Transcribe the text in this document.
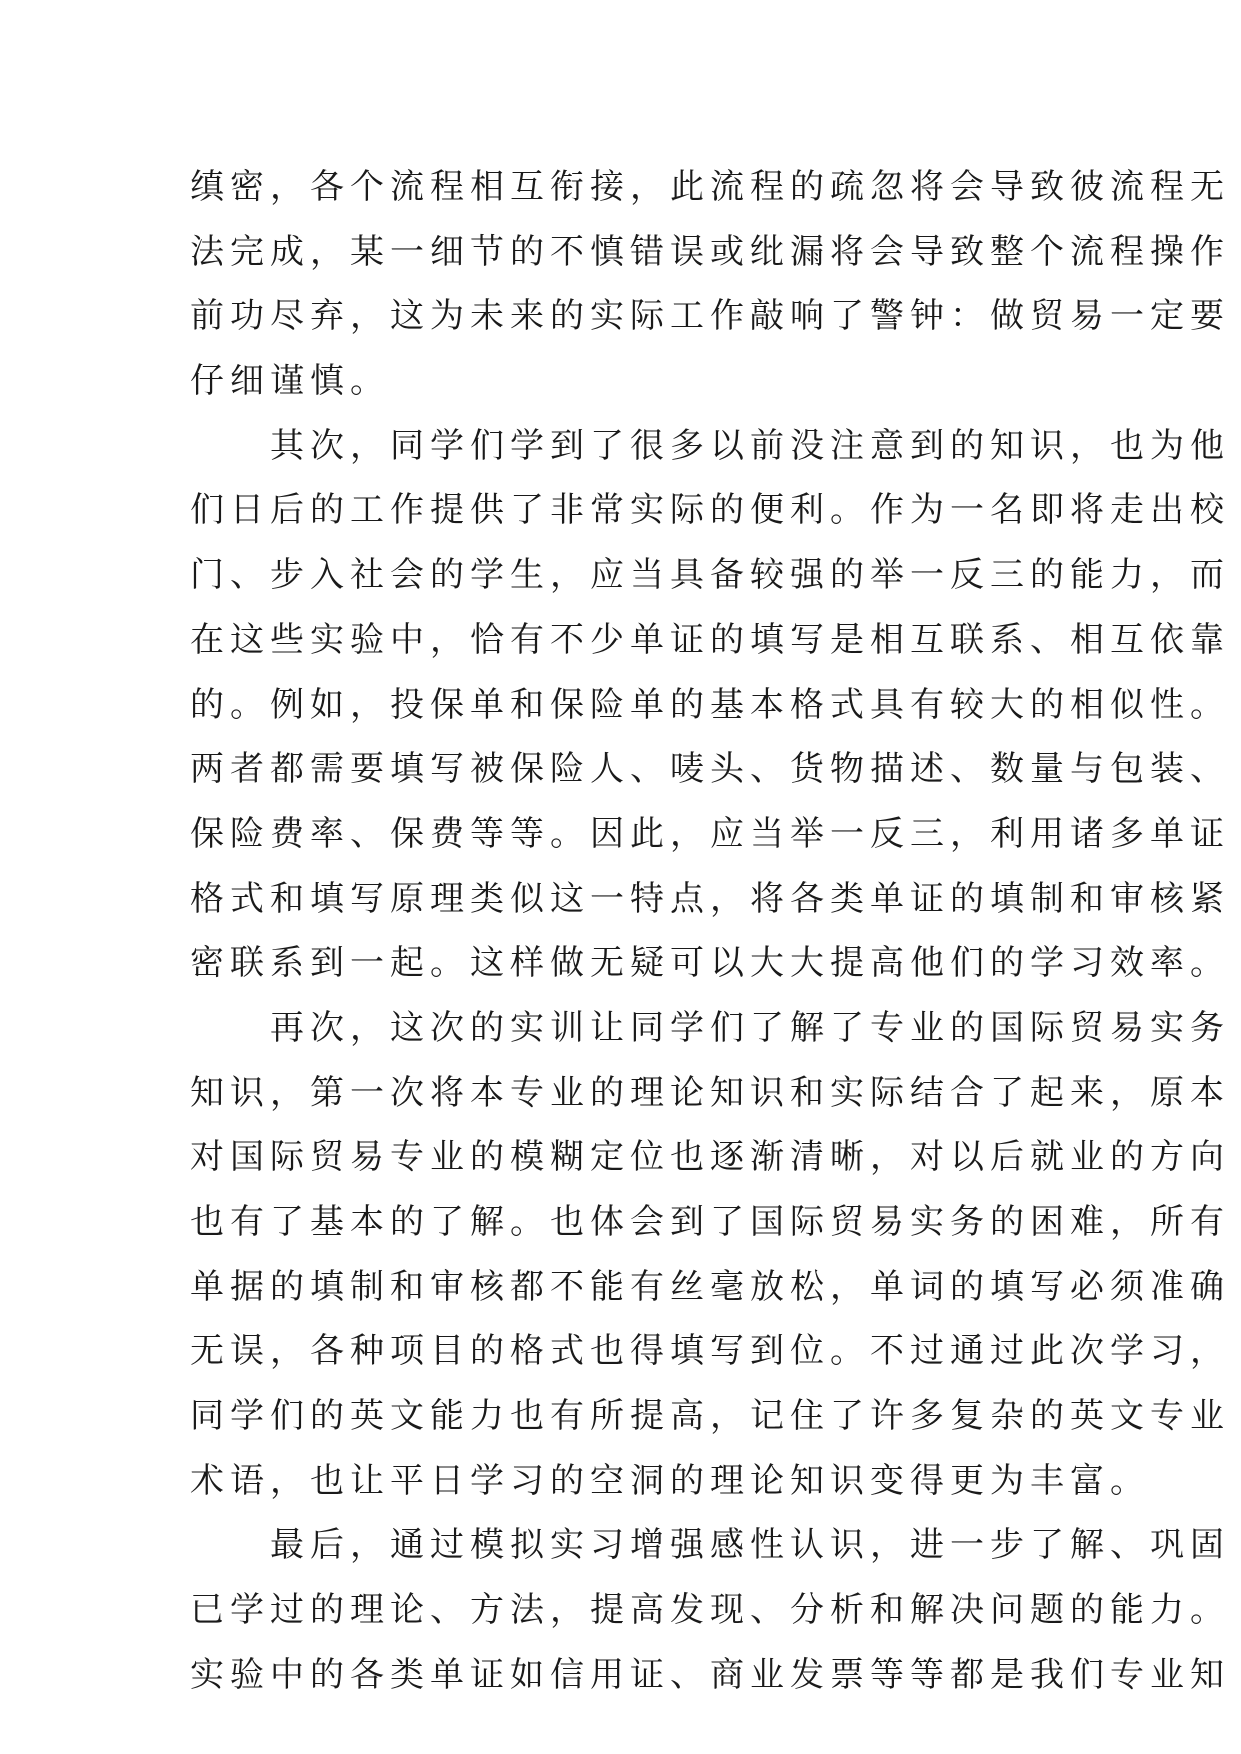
缜密，各个流程相互衔接，此流程的疏忽将会导致彼流程无
法完成，某一细节的不慎错误或纰漏将会导致整个流程操作
前功尽弃，这为未来的实际工作敲响了警钟：做贸易一定要
仔细谨慎。
　　其次，同学们学到了很多以前没注意到的知识，也为他
们日后的工作提供了非常实际的便利。作为一名即将走出校
门、步入社会的学生，应当具备较强的举一反三的能力，而
在这些实验中，恰有不少单证的填写是相互联系、相互依靠
的。例如，投保单和保险单的基本格式具有较大的相似性。
两者都需要填写被保险人、唛头、货物描述、数量与包装、
保险费率、保费等等。因此，应当举一反三，利用诸多单证
格式和填写原理类似这一特点，将各类单证的填制和审核紧
密联系到一起。这样做无疑可以大大提高他们的学习效率。
　　再次，这次的实训让同学们了解了专业的国际贸易实务
知识，第一次将本专业的理论知识和实际结合了起来，原本
对国际贸易专业的模糊定位也逐渐清晰，对以后就业的方向
也有了基本的了解。也体会到了国际贸易实务的困难，所有
单据的填制和审核都不能有丝毫放松，单词的填写必须准确
无误，各种项目的格式也得填写到位。不过通过此次学习，
同学们的英文能力也有所提高，记住了许多复杂的英文专业
术语，也让平日学习的空洞的理论知识变得更为丰富。
　　最后，通过模拟实习增强感性认识，进一步了解、巩固
已学过的理论、方法，提高发现、分析和解决问题的能力。
实验中的各类单证如信用证、商业发票等等都是我们专业知
